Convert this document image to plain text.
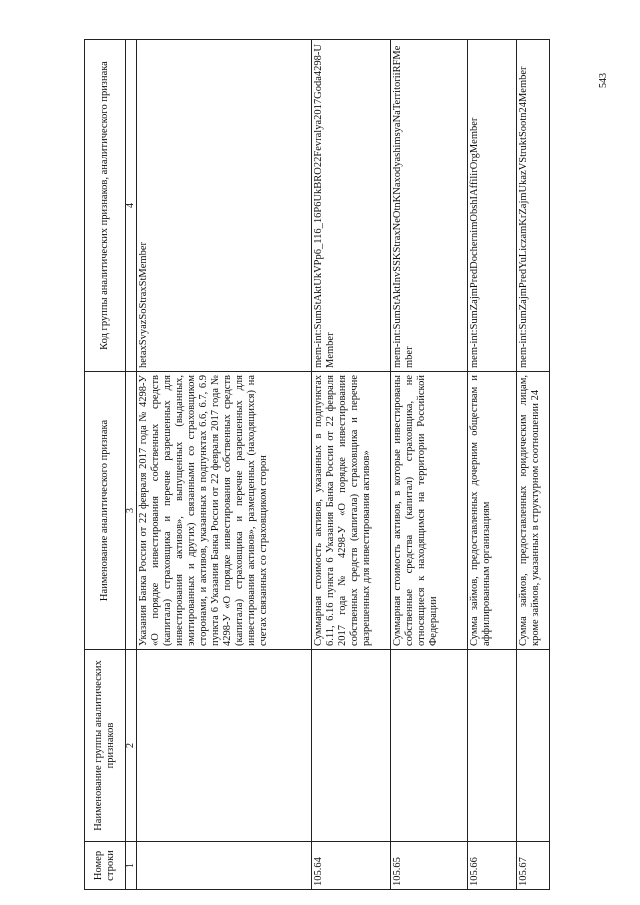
543
Номер строки	Наименование группы аналитических признаков	Наименование аналитического признака	Код группы аналитических признаков, аналитического признака
1	2	3	4
		Указания Банка России от 22 февраля 2017 года № 4298-У «О порядке инвестирования собственных средств (капитала) страховщика и перечне разрешенных для инвестирования активов», выпущенных (выданных, эмитированных и других) связанными со страховщиком сторонами, и активов, указанных в подпунктах 6.6, 6.7, 6.9 пункта 6 Указания Банка России от 22 февраля 2017 года № 4298-У «О порядке инвестирования собственных средств (капитала) страховщика и перечне разрешенных для инвестирования активов», размещенных (находящихся) на счетах связанных со страховщиком сторон	hetaxSvyazSoStraxStMember
105.64		Суммарная стоимость активов, указанных в подпунктах 6.11, 6.16 пункта 6 Указания Банка России от 22 февраля 2017 года № 4298-У «О порядке инвестирования собственных средств (капитала) страховщика и перечне разрешенных для инвестирования активов»	mem-int:SumStAktUkVPp6_116_16P6UkBRO22Fevralya2017Goda4298-UMember
105.65		Суммарная стоимость активов, в которые инвестированы собственные средства (капитал) страховщика, не относящиеся к находящимся на территории Российской Федерации	mem-int:SumStAktInvSSKStraxNeOtnKNaxodyashimsyaNaTerritoriiRFMember
105.66		Сумма займов, предоставленных дочерним обществам и аффилированным организациям	mem-int:SumZajmPredDochernimObshIAffilirOrgMember
105.67		Сумма займов, предоставленных юридическим лицам, кроме займов, указанных в структурном соотношении 24	mem-int:SumZajmPredYuLiczamKrZajmUkazVStruktSootn24Member
